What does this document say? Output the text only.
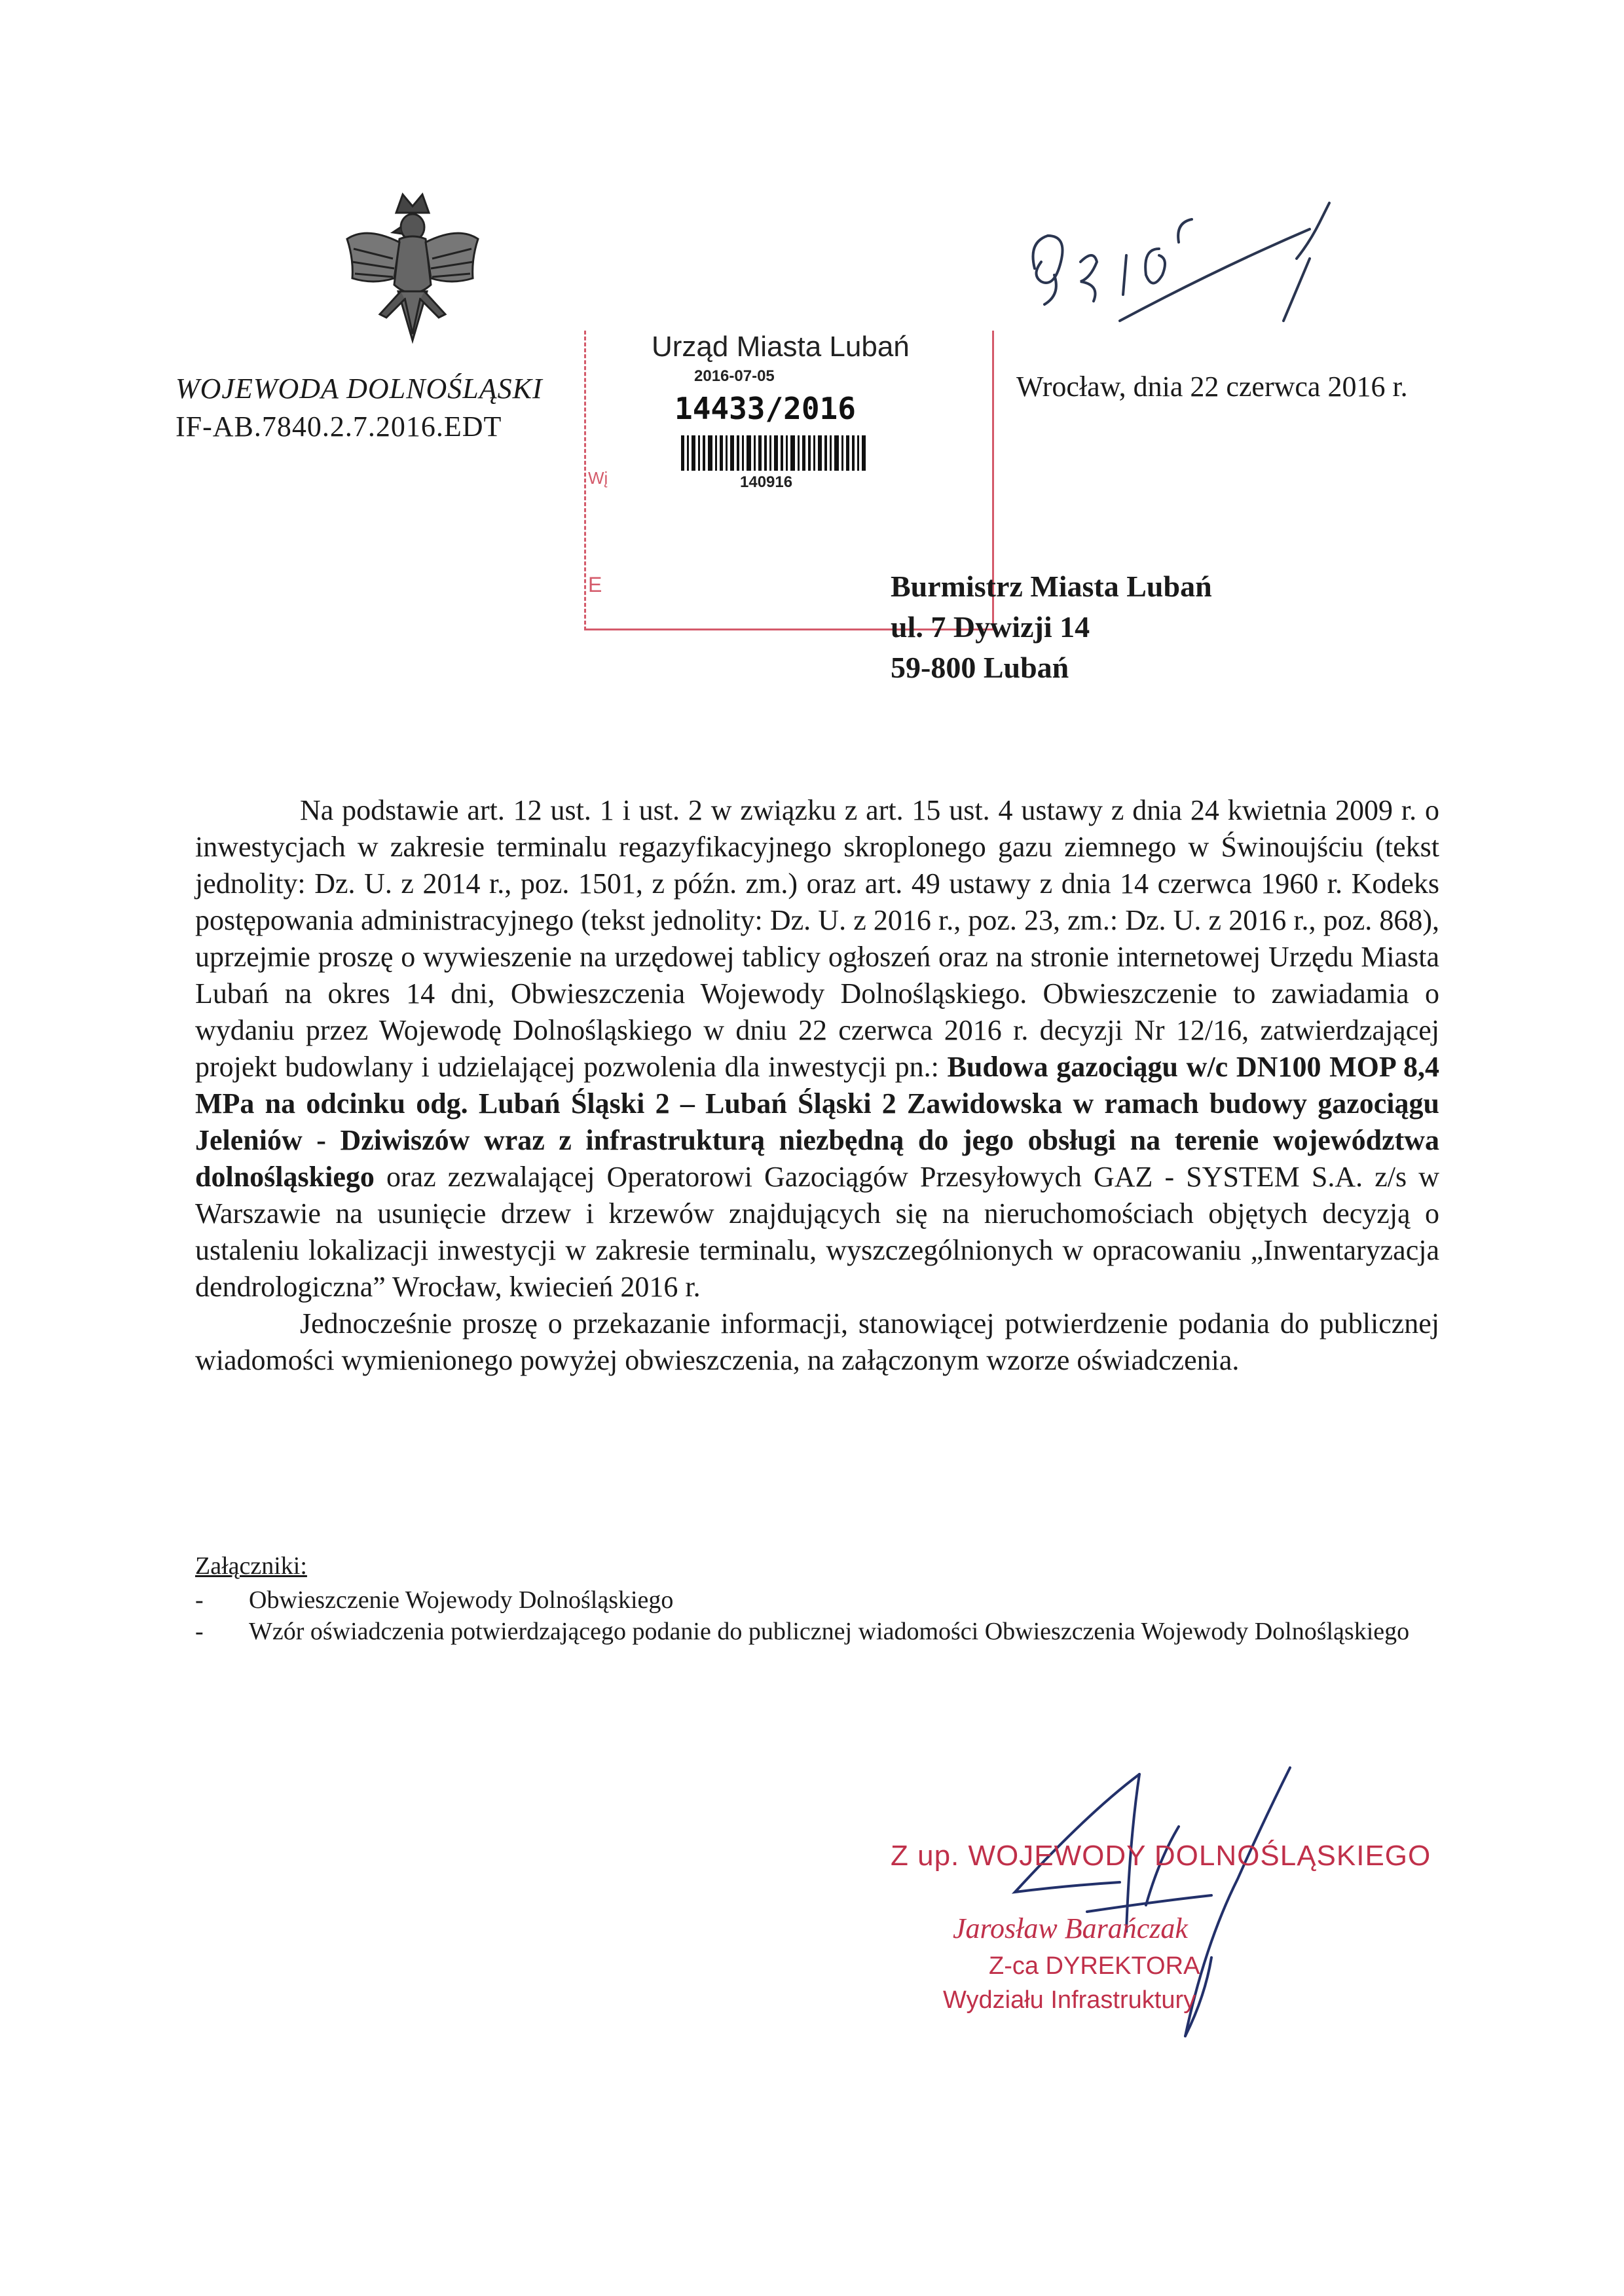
WOJEWODA DOLNOŚLĄSKI
IF-AB.7840.2.7.2016.EDT
Urząd Miasta Lubań
2016-07-05
14433/2016
140916
Wį
E
Wrocław, dnia 22 czerwca 2016 r.
Burmistrz Miasta Lubań
ul. 7 Dywizji 14
59-800 Lubań

Na podstawie art. 12 ust. 1 i ust. 2 w związku z art. 15 ust. 4 ustawy z dnia 24 kwietnia 2009 r. o inwestycjach w zakresie terminalu regazyfikacyjnego skroplonego gazu ziemnego w Świnoujściu (tekst jednolity: Dz. U. z 2014 r., poz. 1501, z późn. zm.) oraz art. 49 ustawy z dnia 14 czerwca 1960 r. Kodeks postępowania administracyjnego (tekst jednolity: Dz. U. z 2016 r., poz. 23, zm.: Dz. U. z 2016 r., poz. 868), uprzejmie proszę o wywieszenie na urzędowej tablicy ogłoszeń oraz na stronie internetowej Urzędu Miasta Lubań na okres 14 dni, Obwieszczenia Wojewody Dolnośląskiego. Obwieszczenie to zawiadamia o wydaniu przez Wojewodę Dolnośląskiego w dniu 22 czerwca 2016 r. decyzji Nr 12/16, zatwierdzającej projekt budowlany i udzielającej pozwolenia dla inwestycji pn.: Budowa gazociągu w/c DN100 MOP 8,4 MPa na odcinku odg. Lubań Śląski 2 – Lubań Śląski 2 Zawidowska w ramach budowy gazociągu Jeleniów - Dziwiszów wraz z infrastrukturą niezbędną do jego obsługi na terenie województwa dolnośląskiego oraz zezwalającej Operatorowi Gazociągów Przesyłowych GAZ - SYSTEM S.A. z/s w Warszawie na usunięcie drzew i krzewów znajdujących się na nieruchomościach objętych decyzją o ustaleniu lokalizacji inwestycji w zakresie terminalu, wyszczególnionych w opracowaniu „Inwentaryzacja dendrologiczna” Wrocław, kwiecień 2016 r.

Jednocześnie proszę o przekazanie informacji, stanowiącej potwierdzenie podania do publicznej wiadomości wymienionego powyżej obwieszczenia, na załączonym wzorze oświadczenia.

Załączniki:
- Obwieszczenie Wojewody Dolnośląskiego
- Wzór oświadczenia potwierdzającego podanie do publicznej wiadomości Obwieszczenia Wojewody Dolnośląskiego
Z up. WOJEWODY DOLNOŚLĄSKIEGO
Jarosław Barańczak
Z-ca DYREKTORA
Wydziału Infrastruktury
